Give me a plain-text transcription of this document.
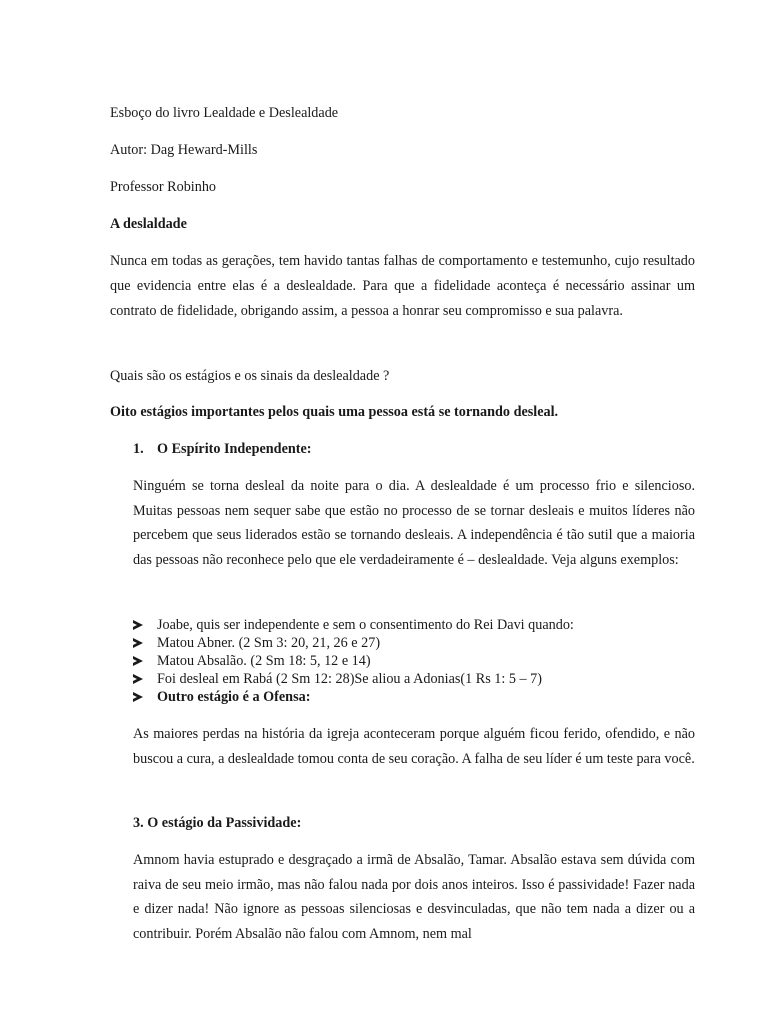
Esboço do livro Lealdade e Deslealdade
Autor: Dag Heward-Mills
Professor Robinho
A deslaldade
Nunca em todas as gerações, tem havido tantas falhas de comportamento e testemunho, cujo resultado que evidencia entre elas é a deslealdade. Para que a fidelidade aconteça é necessário assinar um contrato de fidelidade, obrigando assim, a pessoa a honrar seu compromisso e sua palavra.
Quais são os estágios e os sinais da deslealdade ?
Oito estágios importantes pelos quais uma pessoa está se tornando desleal.
1. O Espírito Independente:
Ninguém se torna desleal da noite para o dia. A deslealdade é um processo frio e silencioso. Muitas pessoas nem sequer sabe que estão no processo de se tornar desleais e muitos líderes não percebem que seus liderados estão se tornando desleais. A independência é tão sutil que a maioria das pessoas não reconhece pelo que ele verdadeiramente é – deslealdade. Veja alguns exemplos:
Joabe, quis ser independente e sem o consentimento do Rei Davi quando:
Matou Abner. (2 Sm 3: 20, 21, 26 e 27)
Matou Absalão. (2 Sm 18: 5, 12 e 14)
Foi desleal em Rabá (2 Sm 12: 28)Se aliou a Adonias(1 Rs 1: 5 – 7)
Outro estágio é a Ofensa:
As maiores perdas na história da igreja aconteceram porque alguém ficou ferido, ofendido, e não buscou a cura, a deslealdade tomou conta de seu coração. A falha de seu líder é um teste para você.
3. O estágio da Passividade:
Amnom havia estuprado e desgraçado a irmã de Absalão, Tamar. Absalão estava sem dúvida com raiva de seu meio irmão, mas não falou nada por dois anos inteiros. Isso é passividade! Fazer nada e dizer nada! Não ignore as pessoas silenciosas e desvinculadas, que não tem nada a dizer ou a contribuir. Porém Absalão não falou com Amnom, nem mal
